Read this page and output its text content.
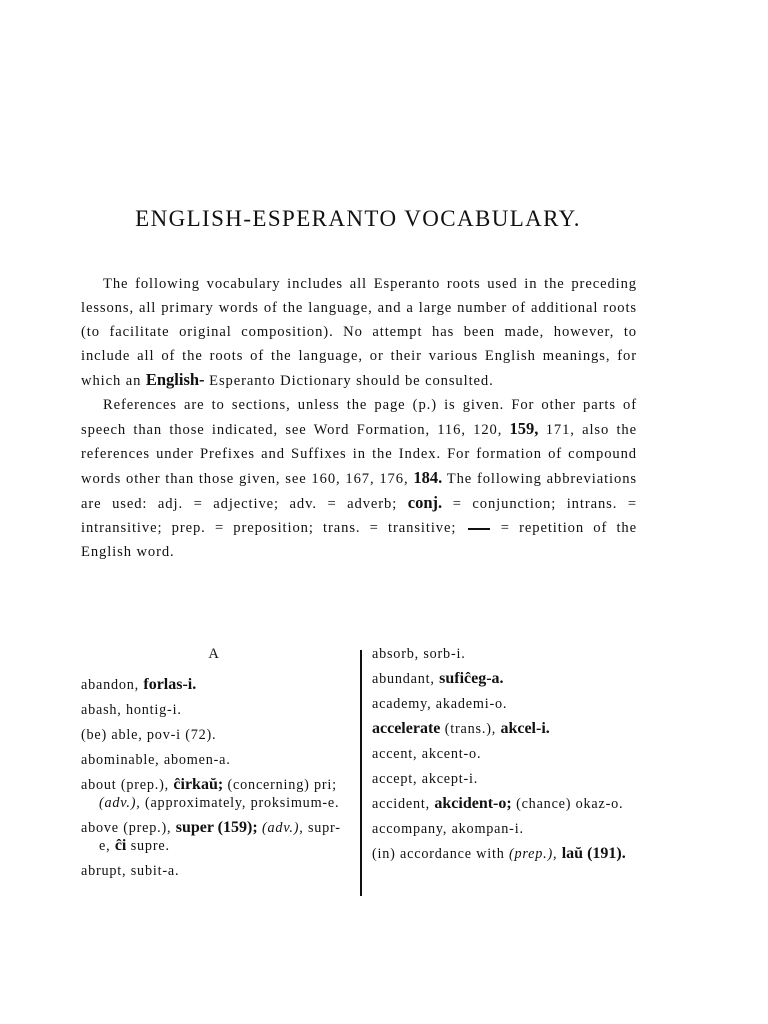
ENGLISH-ESPERANTO VOCABULARY.

The following vocabulary includes all Esperanto roots used in the preceding lessons, all primary words of the language, and a large number of additional roots (to facilitate original composition). No attempt has been made, however, to include all of the roots of the language, or their various English meanings, for which an English- Esperanto Dictionary should be consulted.

References are to sections, unless the page (p.) is given. For other parts of speech than those indicated, see Word Formation, 116, 120, 159, 171, also the references under Prefixes and Suffixes in the Index. For formation of compound words other than those given, see 160, 167, 176, 184. The following abbreviations are used: adj. = adjective; adv. = adverb; conj. = conjunction; intrans. = intransitive; prep. = preposition; trans. = transitive;	= repetition of the English word.

A
abandon, forlas-i.
abash, hontig-i.
(be) able, pov-i (72).
abominable, abomen-a.
about (prep.), ĉirkaŭ; (concerning) pri; (adv.), (approximately, proksimum-e.
above (prep.), super (159); (adv.), supr-e, ĉi supre.
abrupt, subit-a.
absorb, sorb-i.
abundant, sufiĉeg-a.
academy, akademi-o.
accelerate (trans.), akcel-i.
accent, akcent-o.
accept, akcept-i.
accident, akcident-o; (chance) okaz-o.
accompany, akompan-i.
(in) accordance with (prep.), laŭ (191).
